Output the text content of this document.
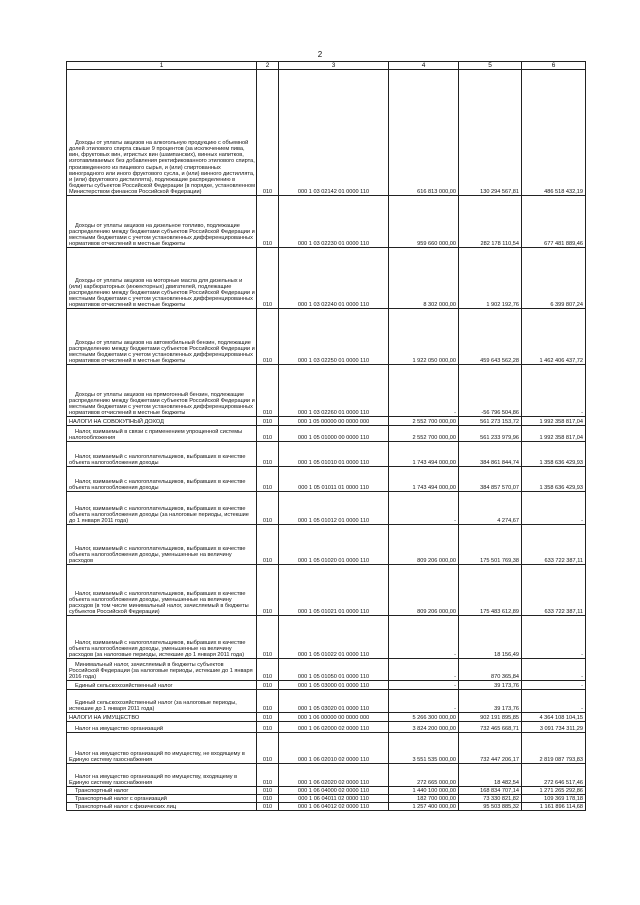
2
1	2	3	4	5	6
Доходы от уплаты акцизов на алкогольную продукцию с объемной долей этилового спирта свыше 9 процентов (за исключением пива, вин, фруктовых вин, игристых вин (шампанских), винных напитков, изготавливаемых без добавления ректификованного этилового спирта, произведенного из пищевого сырья, и (или) спиртованных виноградного или иного фруктового сусла, и (или) винного дистиллята, и (или) фруктового дистиллята), подлежащие распределению в бюджеты субъектов Российской Федерации (в порядке, установленном Министерством финансов Российской Федерации)	010	000 1 03 02142 01 0000 110	616 813 000,00	130 294 567,81	486 518 432,19
Доходы от уплаты акцизов на дизельное топливо, подлежащие распределению между бюджетами субъектов Российской Федерации и местными бюджетами с учетом установленных дифференцированных нормативов отчислений в местные бюджеты	010	000 1 03 02230 01 0000 110	959 660 000,00	282 178 110,54	677 481 889,46
Доходы от уплаты акцизов на моторные масла для дизельных и (или) карбюраторных (инжекторных) двигателей, подлежащие распределению между бюджетами субъектов Российской Федерации и местными бюджетами с учетом установленных дифференцированных нормативов отчислений в местные бюджеты	010	000 1 03 02240 01 0000 110	8 302 000,00	1 902 192,76	6 399 807,24
Доходы от уплаты акцизов на автомобильный бензин, подлежащие распределению между бюджетами субъектов Российской Федерации и местными бюджетами с учетом установленных дифференцированных нормативов отчислений в местные бюджеты	010	000 1 03 02250 01 0000 110	1 922 050 000,00	459 643 562,28	1 462 406 437,72
Доходы от уплаты акцизов на прямогонный бензин, подлежащие распределению между бюджетами субъектов Российской Федерации и местными бюджетами с учетом установленных дифференцированных нормативов отчислений в местные бюджеты	010	000 1 03 02260 01 0000 110	-	-56 796 504,86	-
НАЛОГИ НА СОВОКУПНЫЙ ДОХОД	010	000 1 05 00000 00 0000 000	2 552 700 000,00	561 273 153,72	1 992 358 817,04
Налог, взимаемый в связи с применением упрощенной системы налогообложения	010	000 1 05 01000 00 0000 110	2 552 700 000,00	561 233 979,96	1 992 358 817,04
Налог, взимаемый с налогоплательщиков, выбравших в качестве объекта налогообложения доходы	010	000 1 05 01010 01 0000 110	1 743 494 000,00	384 861 844,74	1 358 636 429,93
Налог, взимаемый с налогоплательщиков, выбравших в качестве объекта налогообложения доходы	010	000 1 05 01011 01 0000 110	1 743 494 000,00	384 857 570,07	1 358 636 429,93
Налог, взимаемый с налогоплательщиков, выбравших в качестве объекта налогообложения доходы (за налоговые периоды, истекшие до 1 января 2011 года)	010	000 1 05 01012 01 0000 110	-	4 274,67	-
Налог, взимаемый с налогоплательщиков, выбравших в качестве объекта налогообложения доходы, уменьшенные на величину расходов	010	000 1 05 01020 01 0000 110	809 206 000,00	175 501 769,38	633 722 387,11
Налог, взимаемый с налогоплательщиков, выбравших в качестве объекта налогообложения доходы, уменьшенные на величину расходов (в том числе минимальный налог, зачисляемый в бюджеты субъектов Российской Федерации)	010	000 1 05 01021 01 0000 110	809 206 000,00	175 483 612,89	633 722 387,11
Налог, взимаемый с налогоплательщиков, выбравших в качестве объекта налогообложения доходы, уменьшенные на величину расходов (за налоговые периоды, истекшие до 1 января 2011 года)	010	000 1 05 01022 01 0000 110	-	18 156,49	-
Минимальный налог, зачисляемый в бюджеты субъектов Российской Федерации (за налоговые периоды, истекшие до 1 января 2016 года)	010	000 1 05 01050 01 0000 110	-	870 365,84	-
Единый сельскохозяйственный налог	010	000 1 05 03000 01 0000 110	-	39 173,76	-
Единый сельскохозяйственный налог (за налоговые периоды, истекшие до 1 января 2011 года)	010	000 1 05 03020 01 0000 110	-	39 173,76	-
НАЛОГИ НА ИМУЩЕСТВО	010	000 1 06 00000 00 0000 000	5 266 300 000,00	902 191 895,85	4 364 108 104,15
Налог на имущество организаций	010	000 1 06 02000 02 0000 110	3 824 200 000,00	732 465 668,71	3 091 734 311,29
Налог на имущество организаций по имуществу, не входящему в Единую систему газоснабжения	010	000 1 06 02010 02 0000 110	3 551 535 000,00	732 447 206,17	2 819 087 793,83
Налог на имущество организаций по имуществу, входящему в Единую систему газоснабжения	010	000 1 06 02020 02 0000 110	272 665 000,00	18 482,54	272 646 517,46
Транспортный налог	010	000 1 06 04000 02 0000 110	1 440 100 000,00	168 834 707,14	1 271 265 292,86
Транспортный налог с организаций	010	000 1 06 04011 02 0000 110	182 700 000,00	73 330 821,82	109 369 178,18
Транспортный налог с физических лиц	010	000 1 06 04012 02 0000 110	1 257 400 000,00	95 503 885,32	1 161 896 114,68
